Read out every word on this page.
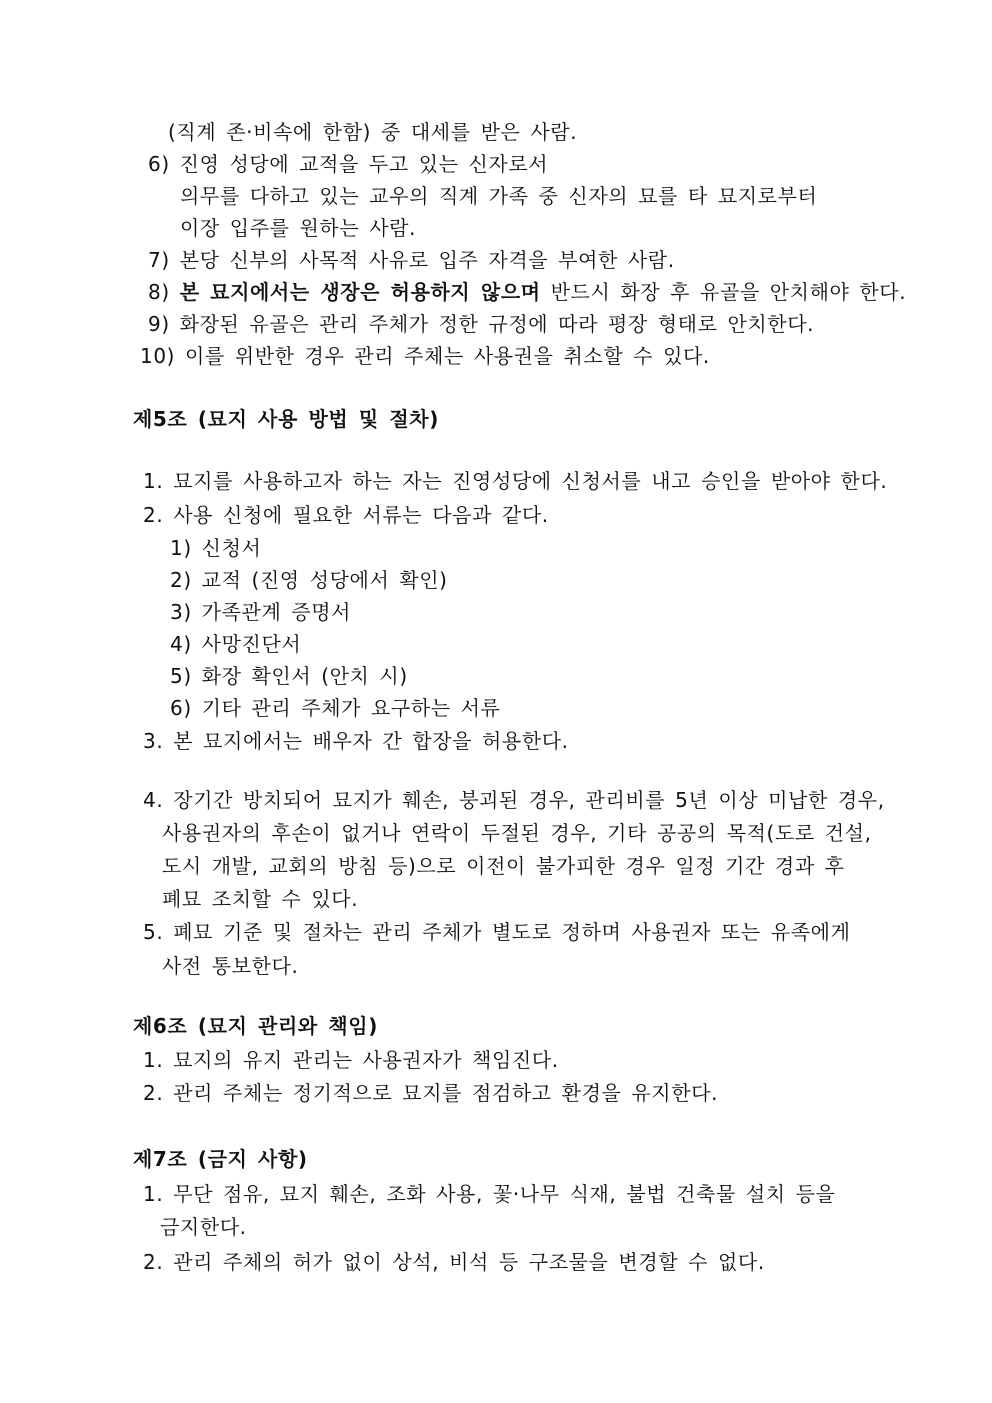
(직계 존·비속에 한함) 중 대세를 받은 사람.
6) 진영 성당에 교적을 두고 있는 신자로서
의무를 다하고 있는 교우의 직계 가족 중 신자의 묘를 타 묘지로부터
이장 입주를 원하는 사람.
7) 본당 신부의 사목적 사유로 입주 자격을 부여한 사람.
8) 본 묘지에서는 생장은 허용하지 않으며 반드시 화장 후 유골을 안치해야 한다.
9) 화장된 유골은 관리 주체가 정한 규정에 따라 평장 형태로 안치한다.
10) 이를 위반한 경우 관리 주체는 사용권을 취소할 수 있다.
제5조 (묘지 사용 방법 및 절차)
1. 묘지를 사용하고자 하는 자는 진영성당에 신청서를 내고 승인을 받아야 한다.
2. 사용 신청에 필요한 서류는 다음과 같다.
1) 신청서
2) 교적 (진영 성당에서 확인)
3) 가족관계 증명서
4) 사망진단서
5) 화장 확인서 (안치 시)
6) 기타 관리 주체가 요구하는 서류
3. 본 묘지에서는 배우자 간 합장을 허용한다.
4. 장기간 방치되어 묘지가 훼손, 붕괴된 경우, 관리비를 5년 이상 미납한 경우,
사용권자의 후손이 없거나 연락이 두절된 경우, 기타 공공의 목적(도로 건설,
도시 개발, 교회의 방침 등)으로 이전이 불가피한 경우 일정 기간 경과 후
폐묘 조치할 수 있다.
5. 폐묘 기준 및 절차는 관리 주체가 별도로 정하며 사용권자 또는 유족에게
사전 통보한다.
제6조 (묘지 관리와 책임)
1. 묘지의 유지 관리는 사용권자가 책임진다.
2. 관리 주체는 정기적으로 묘지를 점검하고 환경을 유지한다.
제7조 (금지 사항)
1. 무단 점유, 묘지 훼손, 조화 사용, 꽃·나무 식재, 불법 건축물 설치 등을
금지한다.
2. 관리 주체의 허가 없이 상석, 비석 등 구조물을 변경할 수 없다.
